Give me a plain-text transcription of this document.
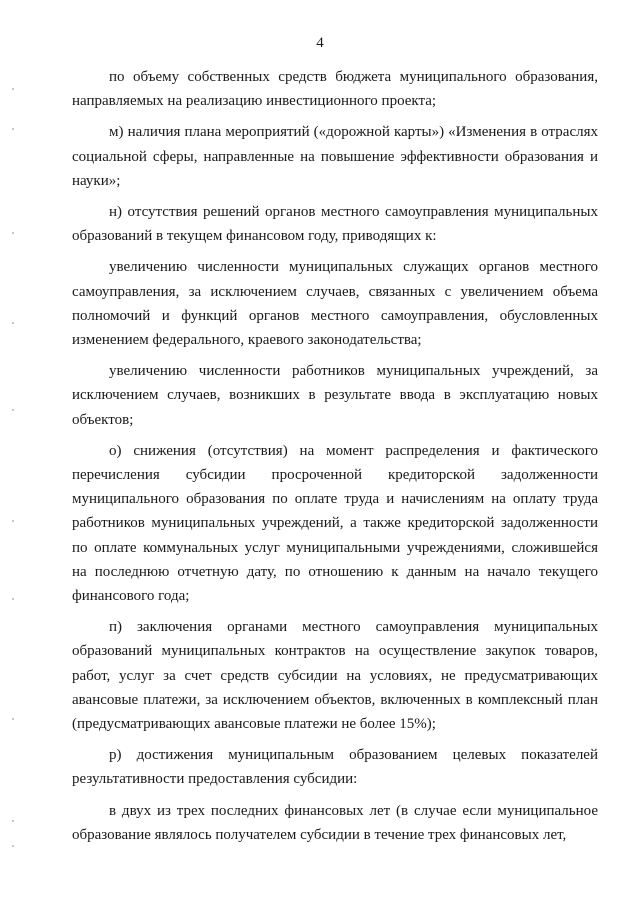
4

по объему собственных средств бюджета муниципального образования, направляемых на реализацию инвестиционного проекта;

м) наличия плана мероприятий («дорожной карты») «Изменения в отраслях социальной сферы, направленные на повышение эффективности образования и науки»;

н) отсутствия решений органов местного самоуправления муниципальных образований в текущем финансовом году, приводящих к:

увеличению численности муниципальных служащих органов местного самоуправления, за исключением случаев, связанных с увеличением объема полномочий и функций органов местного самоуправления, обусловленных изменением федерального, краевого законодательства;

увеличению численности работников муниципальных учреждений, за исключением случаев, возникших в результате ввода в эксплуатацию новых объектов;

о) снижения (отсутствия) на момент распределения и фактического перечисления субсидии просроченной кредиторской задолженности муниципального образования по оплате труда и начислениям на оплату труда работников муниципальных учреждений, а также кредиторской задолженности по оплате коммунальных услуг муниципальными учреждениями, сложившейся на последнюю отчетную дату, по отношению к данным на начало текущего финансового года;

п) заключения органами местного самоуправления муниципальных образований муниципальных контрактов на осуществление закупок товаров, работ, услуг за счет средств субсидии на условиях, не предусматривающих авансовые платежи, за исключением объектов, включенных в комплексный план (предусматривающих авансовые платежи не более 15%);

р) достижения муниципальным образованием целевых показателей результативности предоставления субсидии:

в двух из трех последних финансовых лет (в случае если муниципальное образование являлось получателем субсидии в течение трех финансовых лет,
